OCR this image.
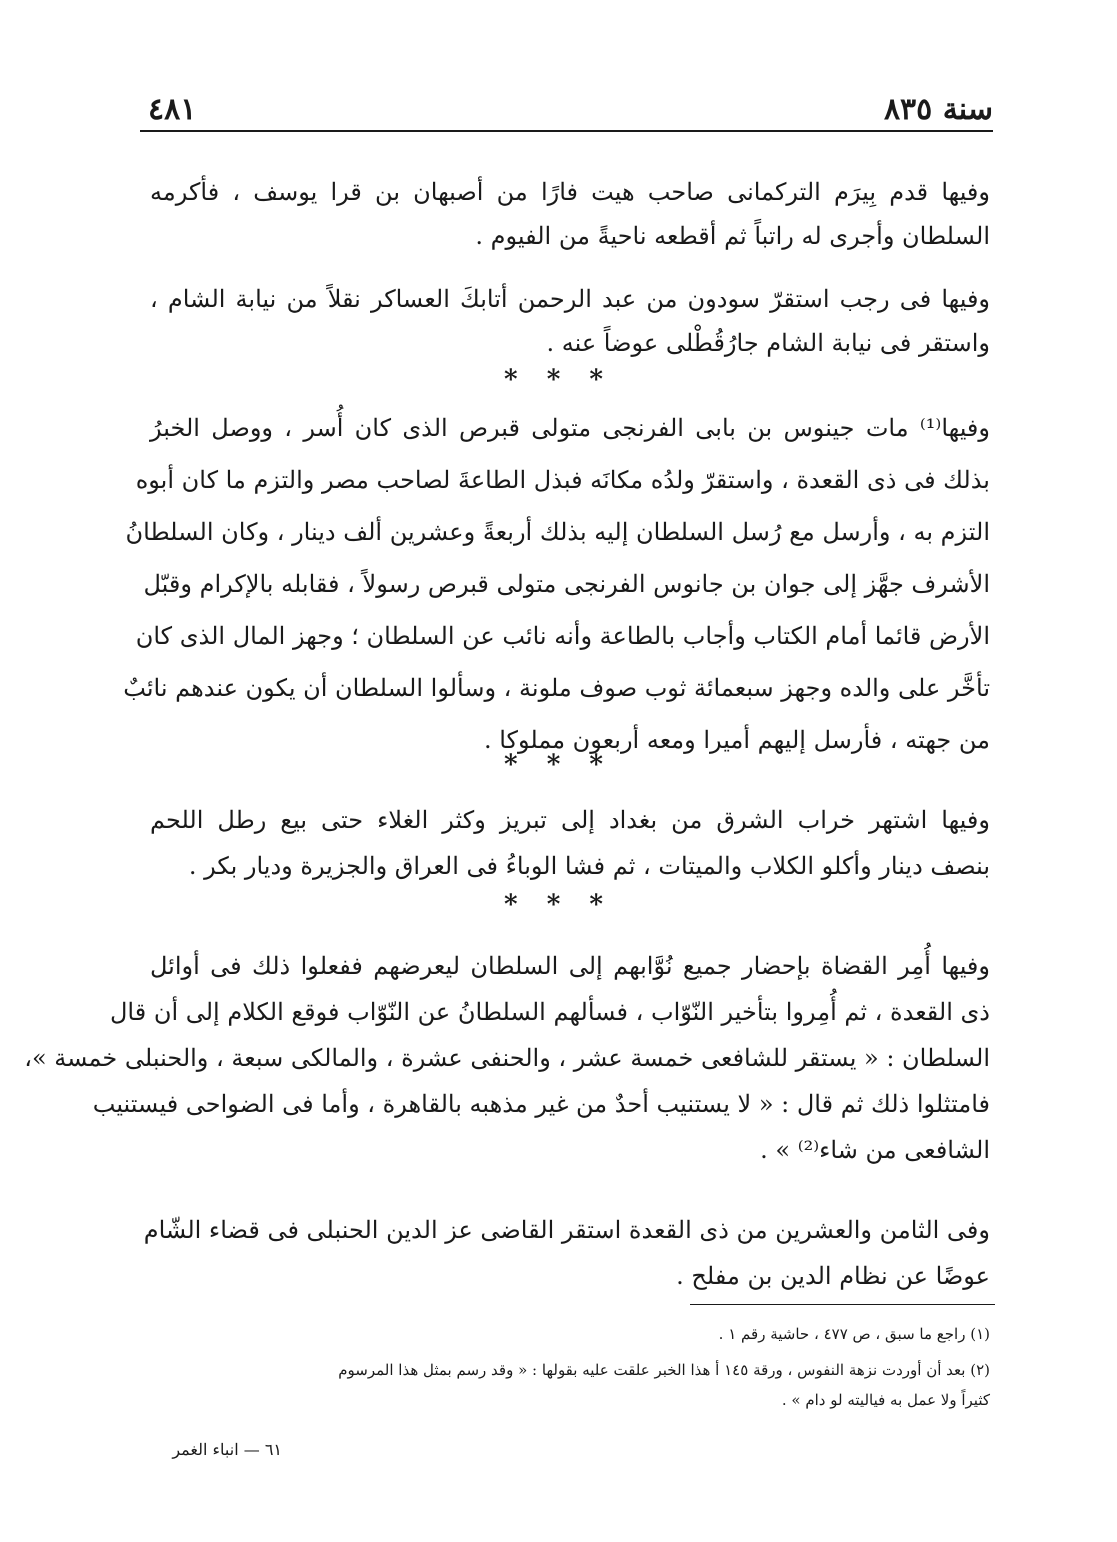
سنة ٨٣٥
٤٨١
وفيها قدم بِيرَم التركمانى صاحب هيت فارًا من أصبهان بن قرا يوسف ، فأكرمه
السلطان وأجرى له راتباً ثم أقطعه ناحيةً من الفيوم .
وفيها فى رجب استقرّ سودون من عبد الرحمن أتابكَ العساكر نقلاً من نيابة الشام ،
واستقر فى نيابة الشام جارُقُطْلى عوضاً عنه .
* * *
وفيها⁽¹⁾ مات جينوس بن بابى الفرنجى متولى قبرص الذى كان أُسر ، ووصل الخبرُ
بذلك فى ذى القعدة ، واستقرّ ولدُه مكانَه فبذل الطاعةَ لصاحب مصر والتزم ما كان أبوه
التزم به ، وأرسل مع رُسل السلطان إليه بذلك أربعةً وعشرين ألف دينار ، وكان السلطانُ
الأشرف جهَّز إلى جوان بن جانوس الفرنجى متولى قبرص رسولاً ، فقابله بالإكرام وقبّل
الأرض قائما أمام الكتاب وأجاب بالطاعة وأنه نائب عن السلطان ؛ وجهز المال الذى كان
تأخَّر على والده وجهز سبعمائة ثوب صوف ملونة ، وسألوا السلطان أن يكون عندهم نائبٌ
من جهته ، فأرسل إليهم أميرا ومعه أربعون مملوكا .
* * *
وفيها اشتهر خراب الشرق من بغداد إلى تبريز وكثر الغلاء حتى بيع رطل اللحم
بنصف دينار وأكلو الكلاب والميتات ، ثم فشا الوباءُ فى العراق والجزيرة وديار بكر .
* * *
وفيها أُمِر القضاة بإحضار جميع نُوَّابهم إلى السلطان ليعرضهم ففعلوا ذلك فى أوائل
ذى القعدة ، ثم أُمِروا بتأخير النّوّاب ، فسألهم السلطانُ عن النّوّاب فوقع الكلام إلى أن قال
السلطان : « يستقر للشافعى خمسة عشر ، والحنفى عشرة ، والمالكى سبعة ، والحنبلى خمسة »،
فامتثلوا ذلك ثم قال : « لا يستنيب أحدٌ من غير مذهبه بالقاهرة ، وأما فى الضواحى فيستنيب
الشافعى من شاء⁽²⁾ » .
وفى الثامن والعشرين من ذى القعدة استقر القاضى عز الدين الحنبلى فى قضاء الشّام
عوضًا عن نظام الدين بن مفلح .
(١) راجع ما سبق ، ص ٤٧٧ ، حاشية رقم ١ .
(٢) بعد أن أوردت نزهة النفوس ، ورقة ١٤٥ أ هذا الخبر علقت عليه بقولها : « وقد رسم بمثل هذا المرسوم
كثيراً ولا عمل به فياليته لو دام » .
٦١ — انباء الغمر
